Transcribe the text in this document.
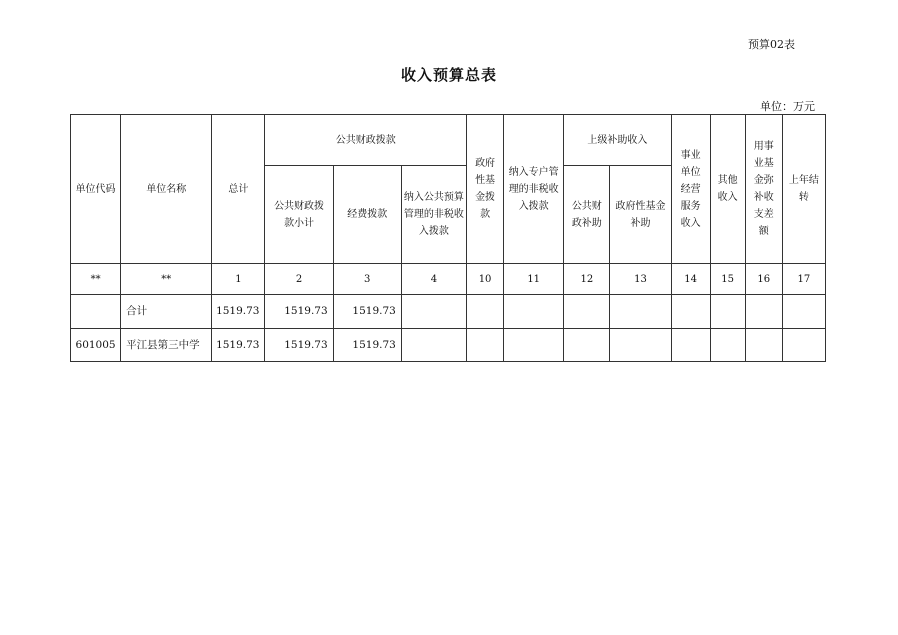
预算02表
收入预算总表
单位：万元
单位代码	单位名称	总计	公共财政拨款			政府性基金拨款	纳入专户管理的非税收入拨款	上级补助收入		事业单位经营服务收入	其他收入	用事业基金弥补收支差额	上年结转
			公共财政拨款小计	经费拨款	纳入公共预算管理的非税收入拨款			公共财政补助	政府性基金补助				
**	**	1	2	3	4	10	11	12	13	14	15	16	17
	合计	1519.73	1519.73	1519.73									
601005	平江县第三中学	1519.73	1519.73	1519.73									
